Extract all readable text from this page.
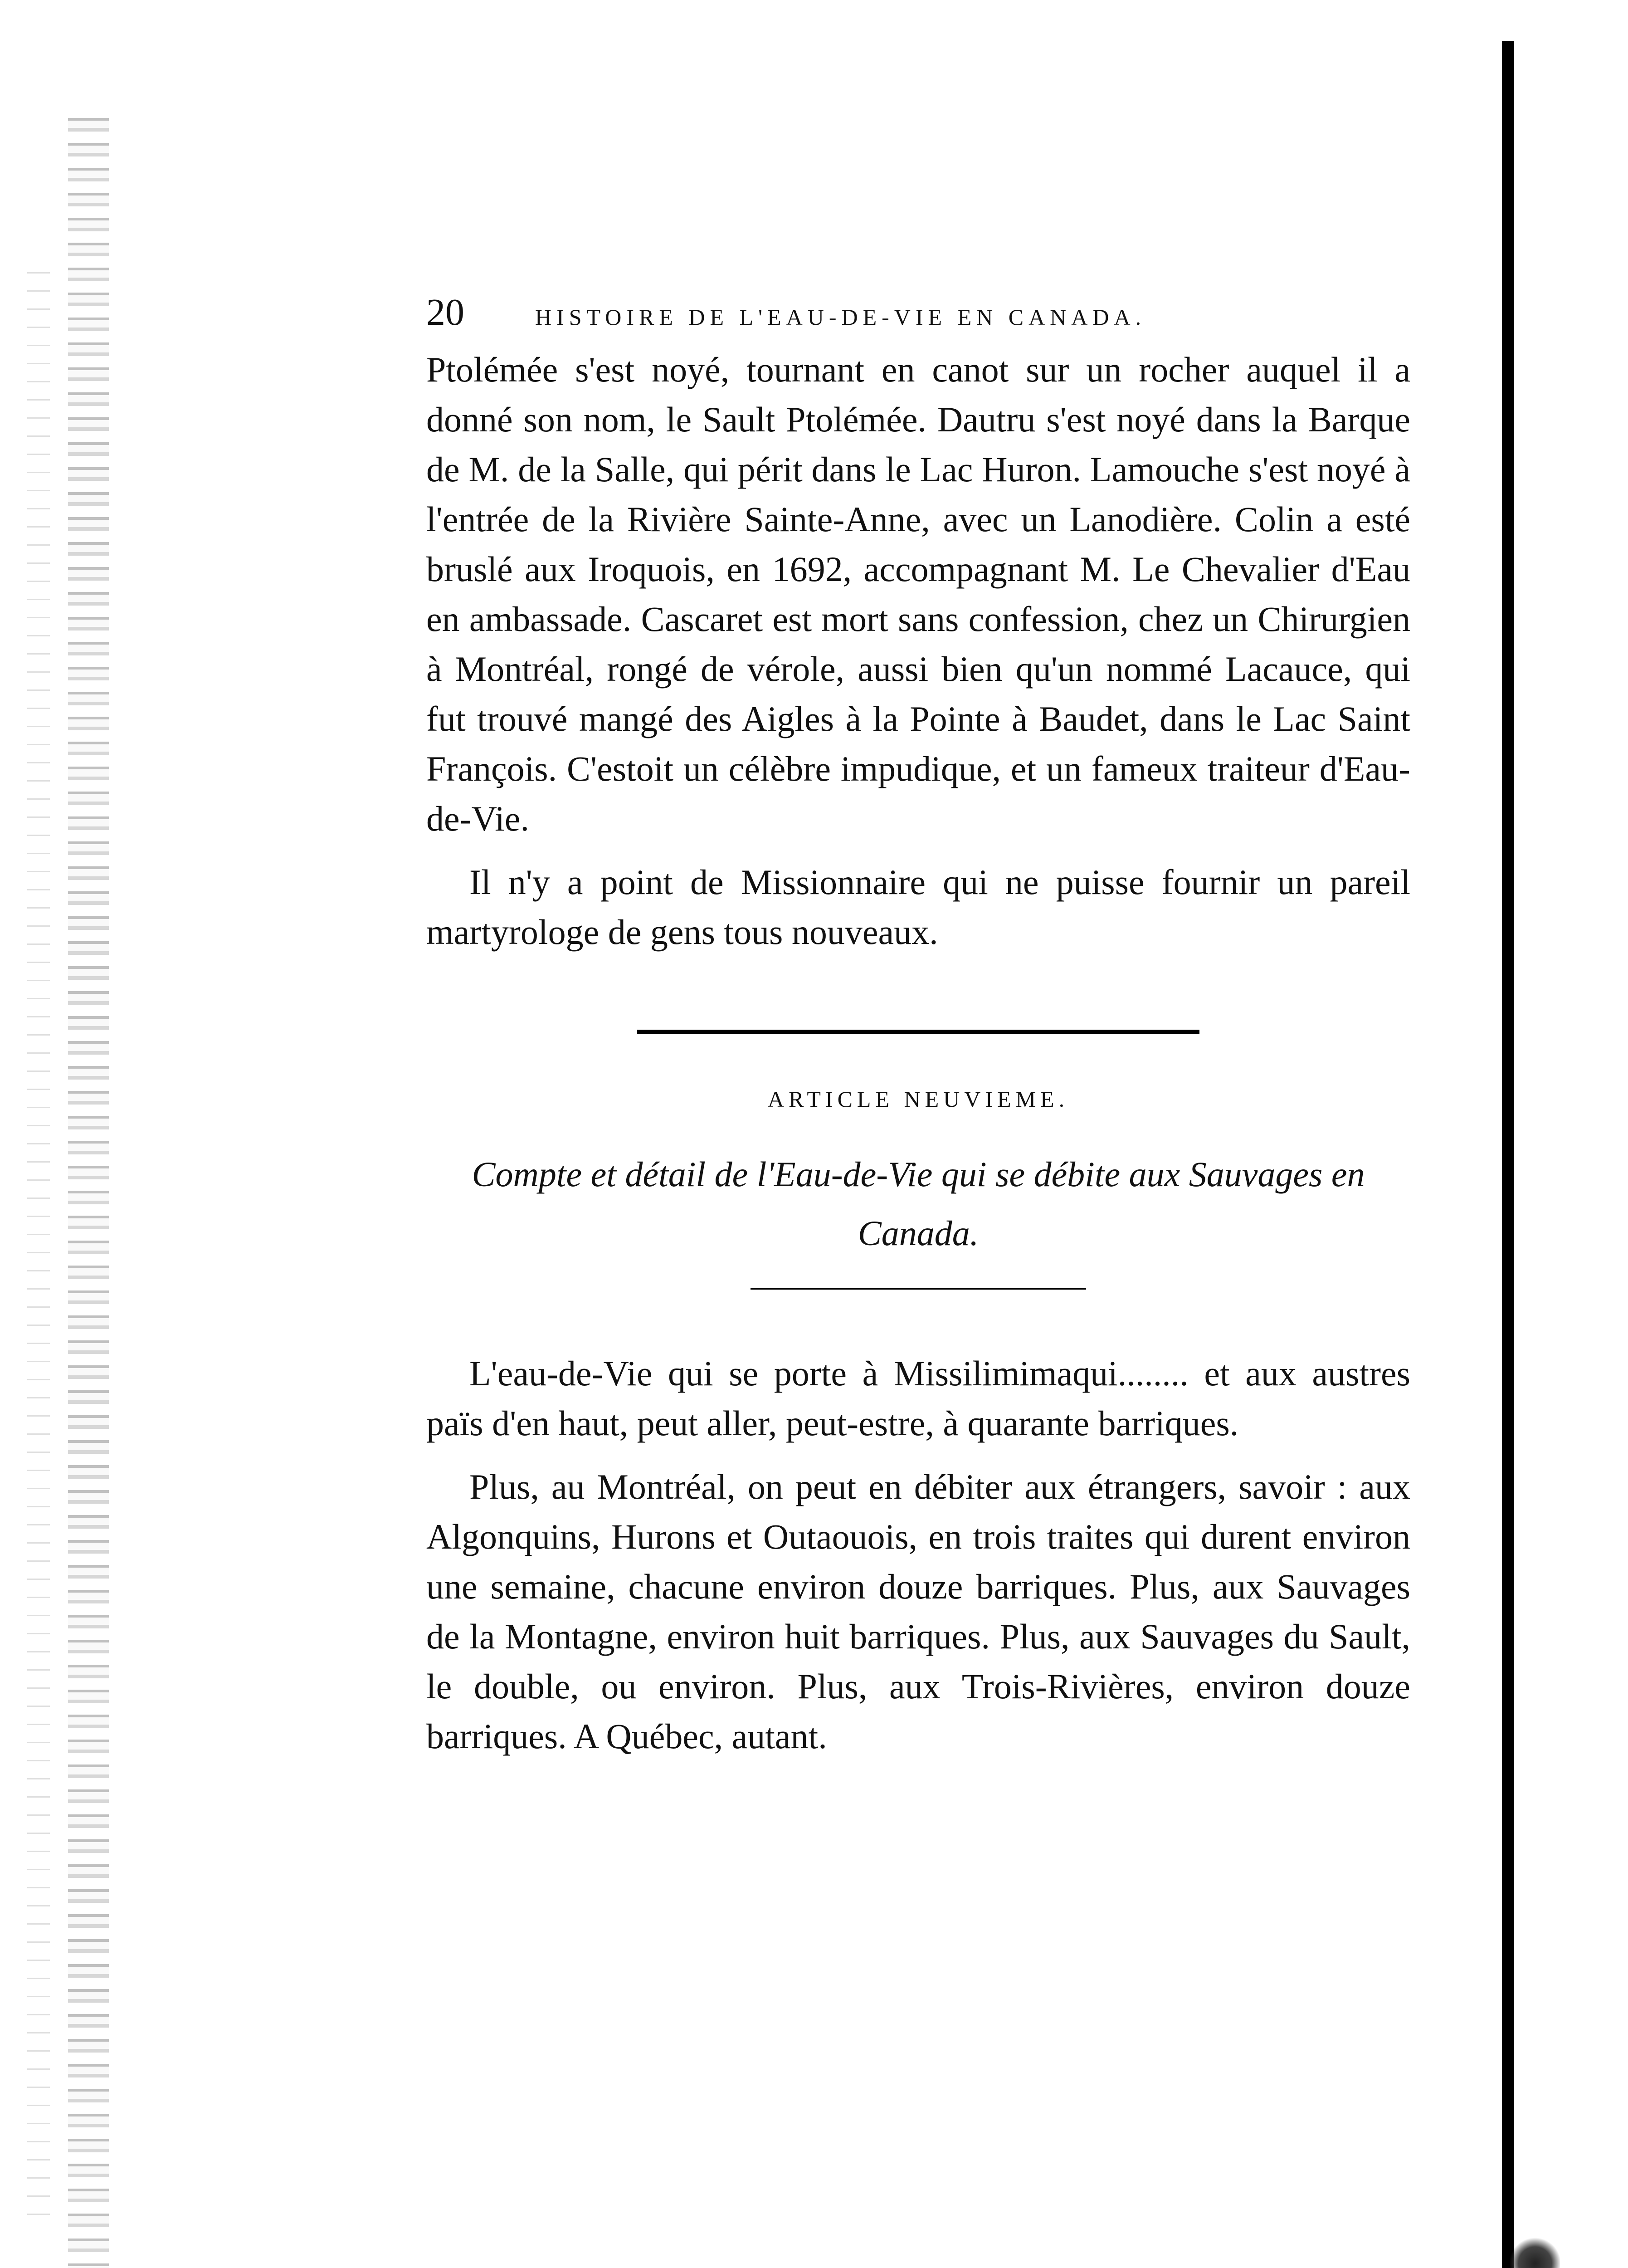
20	HISTOIRE DE L'EAU-DE-VIE EN CANADA.

Ptolémée s'est noyé, tournant en canot sur un rocher auquel il a donné son nom, le Sault Ptolémée. Dautru s'est noyé dans la Barque de M. de la Salle, qui périt dans le Lac Huron. Lamouche s'est noyé à l'entrée de la Rivière Sainte-Anne, avec un Lanodière. Colin a esté bruslé aux Iroquois, en 1692, accompagnant M. Le Chevalier d'Eau en ambassade. Cascaret est mort sans confession, chez un Chirurgien à Montréal, rongé de vérole, aussi bien qu'un nommé Lacauce, qui fut trouvé mangé des Aigles à la Pointe à Baudet, dans le Lac Saint François. C'estoit un célèbre impudique, et un fameux traiteur d'Eau-de-Vie.

Il n'y a point de Missionnaire qui ne puisse fournir un pareil martyrologe de gens tous nouveaux.

ARTICLE NEUVIEME.
Compte et détail de l'Eau-de-Vie qui se débite aux Sauvages en Canada.

L'eau-de-Vie qui se porte à Missilimimaqui........ et aux austres païs d'en haut, peut aller, peut-estre, à quarante barriques.

Plus, au Montréal, on peut en débiter aux étrangers, savoir : aux Algonquins, Hurons et Outaouois, en trois traites qui durent environ une semaine, chacune environ douze barriques. Plus, aux Sauvages de la Montagne, environ huit barriques. Plus, aux Sauvages du Sault, le double, ou environ. Plus, aux Trois-Rivières, environ douze barriques. A Québec, autant.
